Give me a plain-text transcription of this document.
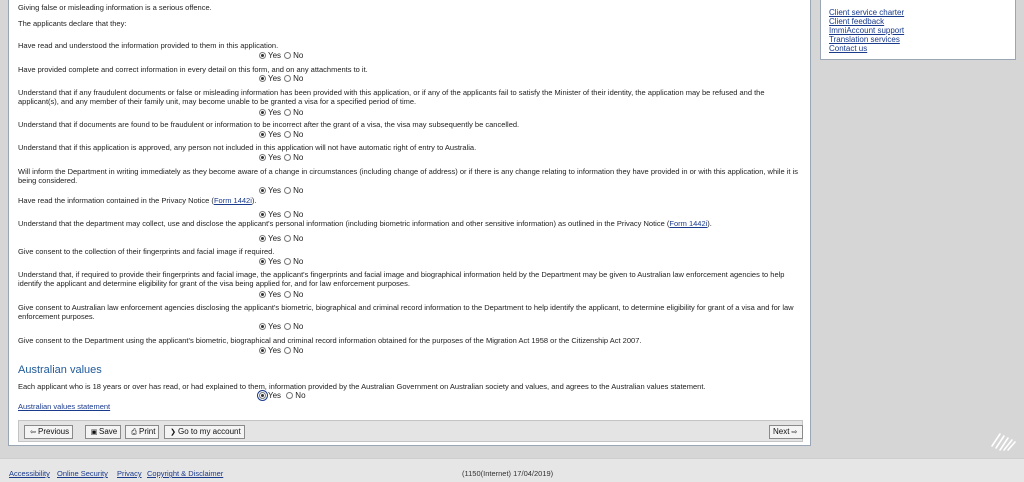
Giving false or misleading information is a serious offence.
The applicants declare that they:
Have read and understood the information provided to them in this application.
Yes No
Have provided complete and correct information in every detail on this form, and on any attachments to it.
Yes No
Understand that if any fraudulent documents or false or misleading information has been provided with this application, or if any of the applicants fail to satisfy the Minister of their identity, the application may be refused and the applicant(s), and any member of their family unit, may become unable to be granted a visa for a specified period of time.
Yes No
Understand that if documents are found to be fraudulent or information to be incorrect after the grant of a visa, the visa may subsequently be cancelled.
Yes No
Understand that if this application is approved, any person not included in this application will not have automatic right of entry to Australia.
Yes No
Will inform the Department in writing immediately as they become aware of a change in circumstances (including change of address) or if there is any change relating to information they have provided in or with this application, while it is being considered.
Yes No
Have read the information contained in the Privacy Notice (Form 1442i).
Yes No
Understand that the department may collect, use and disclose the applicant's personal information (including biometric information and other sensitive information) as outlined in the Privacy Notice (Form 1442i).
Yes No
Give consent to the collection of their fingerprints and facial image if required.
Yes No
Understand that, if required to provide their fingerprints and facial image, the applicant's fingerprints and facial image and biographical information held by the Department may be given to Australian law enforcement agencies to help identify the applicant and determine eligibility for grant of the visa being applied for, and for law enforcement purposes.
Yes No
Give consent to Australian law enforcement agencies disclosing the applicant's biometric, biographical and criminal record information to the Department to help identify the applicant, to determine eligibility for grant of a visa and for law enforcement purposes.
Yes No
Give consent to the Department using the applicant's biometric, biographical and criminal record information obtained for the purposes of the Migration Act 1958 or the Citizenship Act 2007.
Yes No
Australian values
Each applicant who is 18 years or over has read, or had explained to them, information provided by the Australian Government on Australian society and values, and agrees to the Australian values statement.
Yes No
Australian values statement
⇦ Previous	▣ Save	⎙ Print	❯ Go to my account	Next ⇨
Client service charter
Client feedback
ImmiAccount support
Translation services
Contact us
(1150(Internet) 17/04/2019)
Accessibility Online Security Privacy Copyright & Disclaimer
